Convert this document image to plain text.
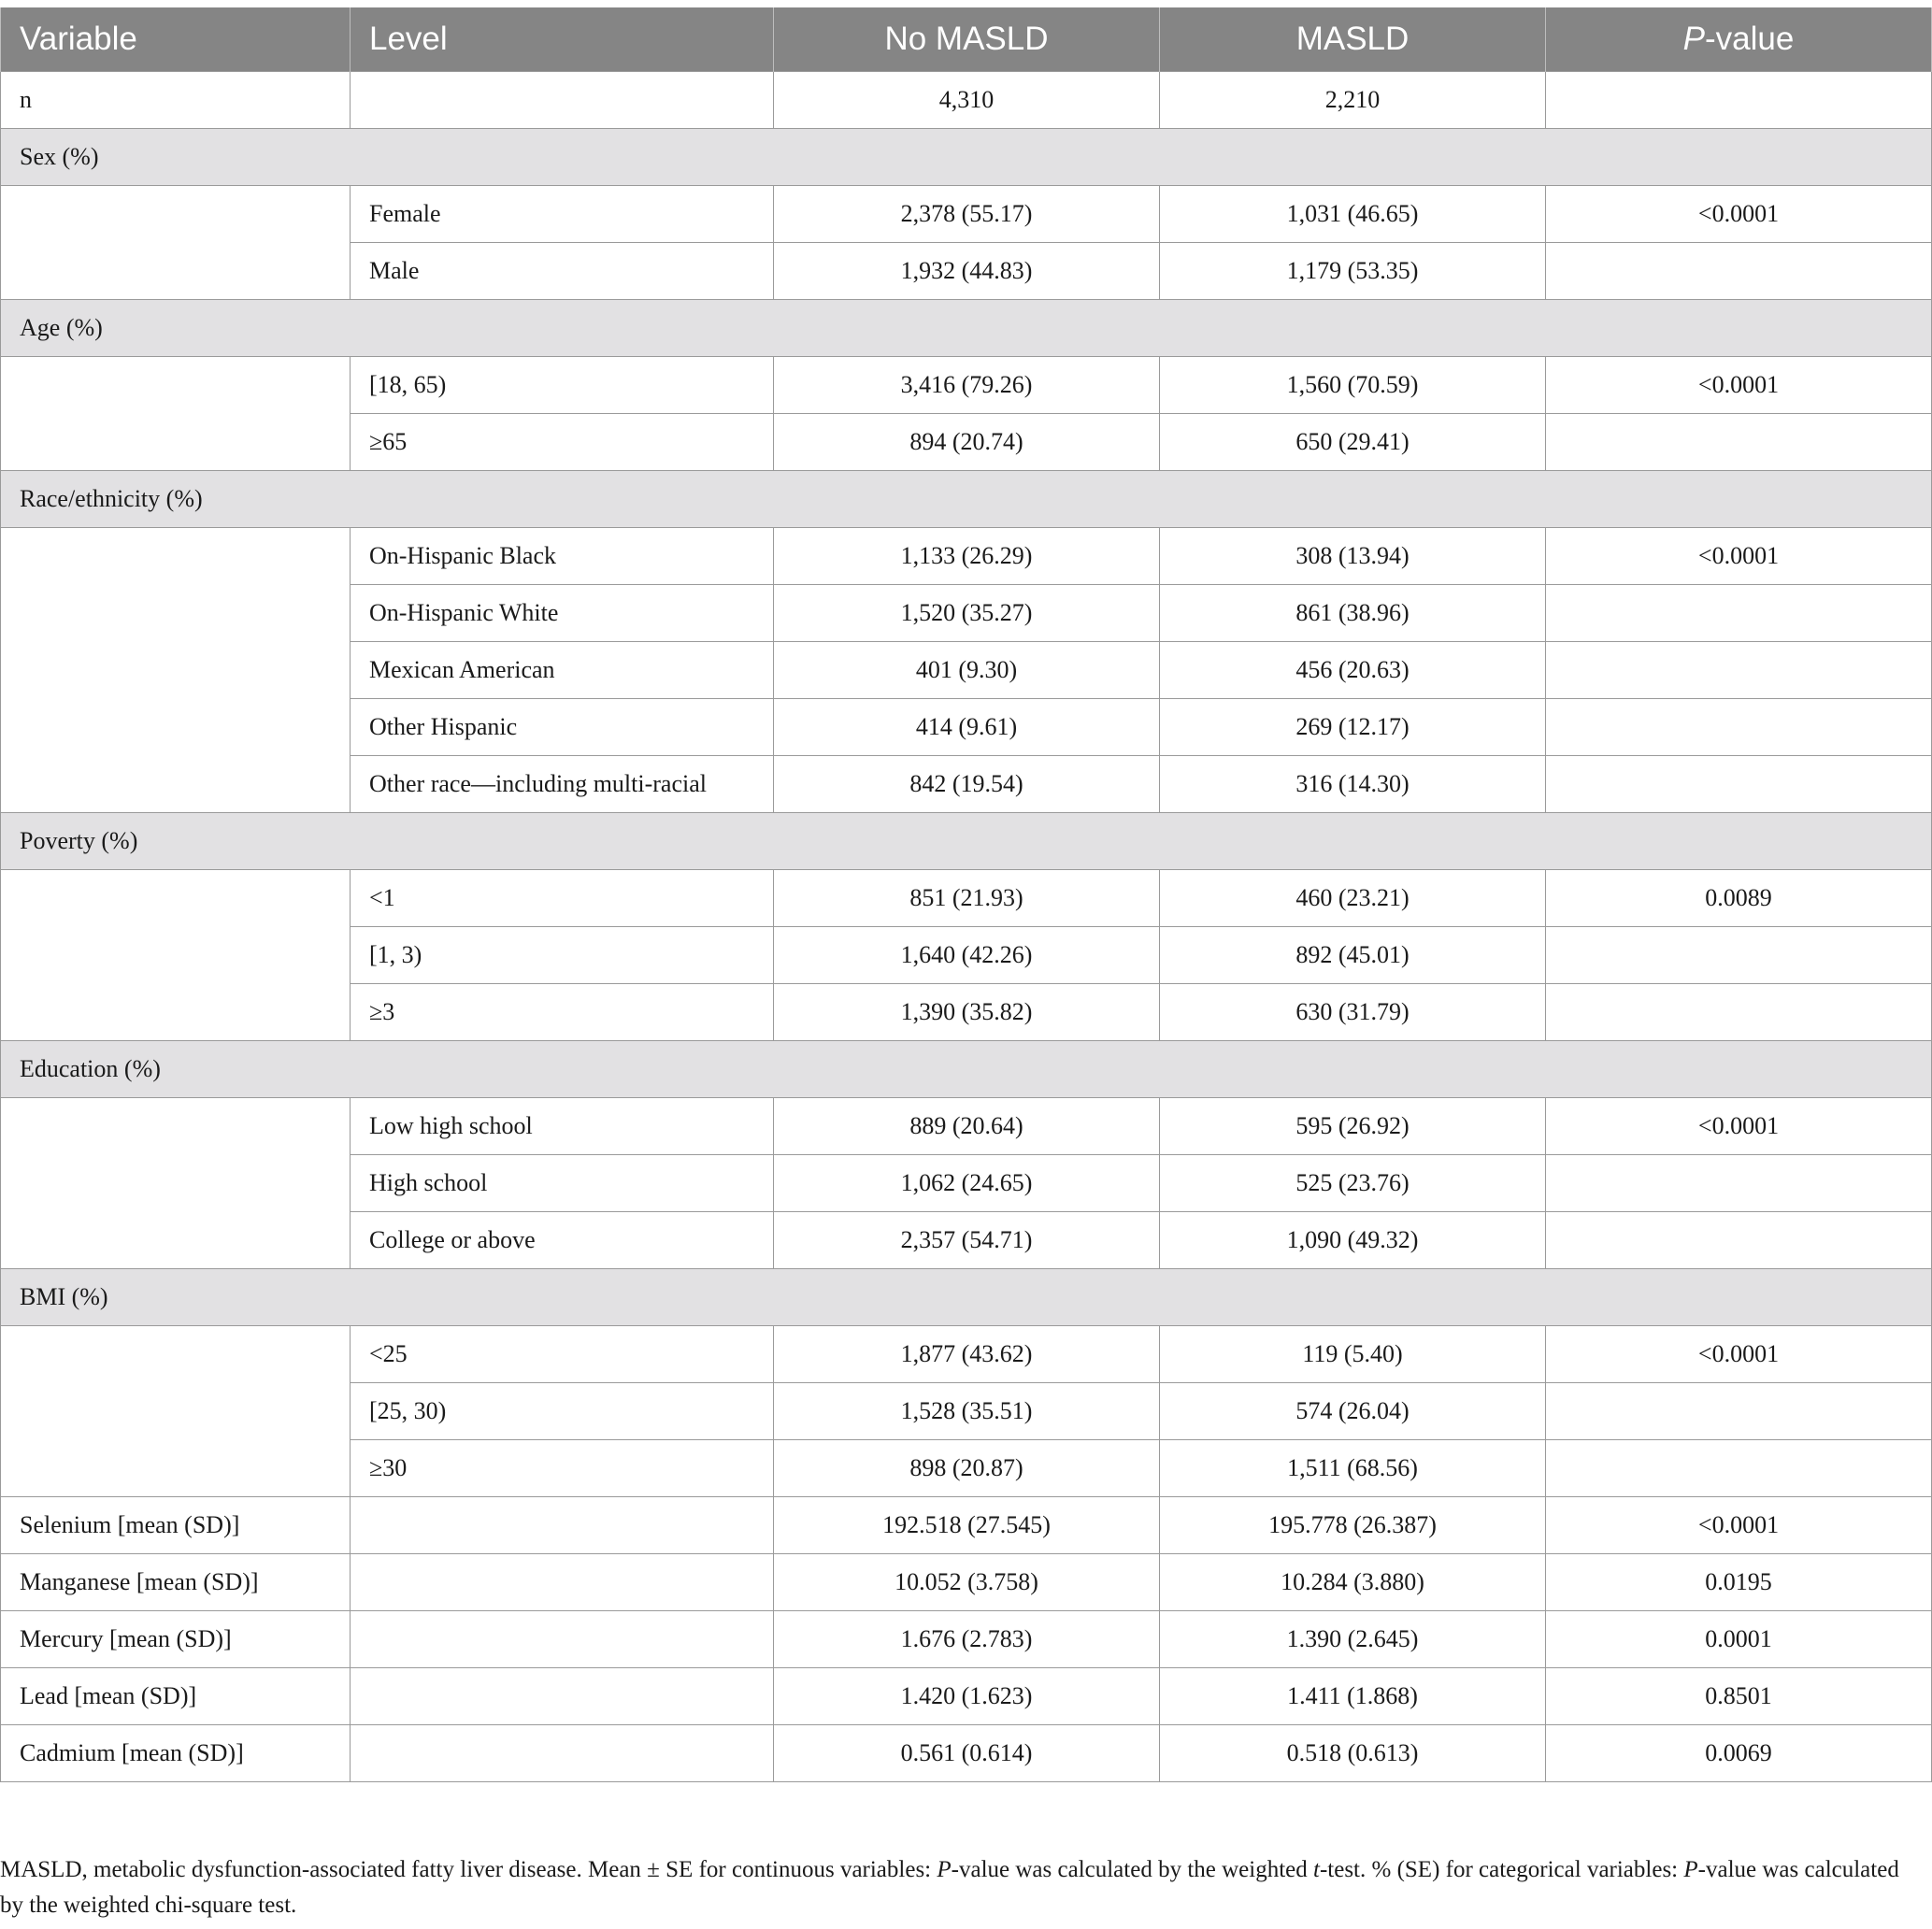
Variable	Level	No MASLD	MASLD	P-value
n		4,310	2,210	
Sex (%)				
	Female	2,378 (55.17)	1,031 (46.65)	<0.0001
	Male	1,932 (44.83)	1,179 (53.35)	
Age (%)				
	[18, 65)	3,416 (79.26)	1,560 (70.59)	<0.0001
	≥65	894 (20.74)	650 (29.41)	
Race/ethnicity (%)				
	On-Hispanic Black	1,133 (26.29)	308 (13.94)	<0.0001
	On-Hispanic White	1,520 (35.27)	861 (38.96)	
	Mexican American	401 (9.30)	456 (20.63)	
	Other Hispanic	414 (9.61)	269 (12.17)	
	Other race—including multi-racial	842 (19.54)	316 (14.30)	
Poverty (%)				
	<1	851 (21.93)	460 (23.21)	0.0089
	[1, 3)	1,640 (42.26)	892 (45.01)	
	≥3	1,390 (35.82)	630 (31.79)	
Education (%)				
	Low high school	889 (20.64)	595 (26.92)	<0.0001
	High school	1,062 (24.65)	525 (23.76)	
	College or above	2,357 (54.71)	1,090 (49.32)	
BMI (%)				
	<25	1,877 (43.62)	119 (5.40)	<0.0001
	[25, 30)	1,528 (35.51)	574 (26.04)	
	≥30	898 (20.87)	1,511 (68.56)	
Selenium [mean (SD)]		192.518 (27.545)	195.778 (26.387)	<0.0001
Manganese [mean (SD)]		10.052 (3.758)	10.284 (3.880)	0.0195
Mercury [mean (SD)]		1.676 (2.783)	1.390 (2.645)	0.0001
Lead [mean (SD)]		1.420 (1.623)	1.411 (1.868)	0.8501
Cadmium [mean (SD)]		0.561 (0.614)	0.518 (0.613)	0.0069
MASLD, metabolic dysfunction-associated fatty liver disease. Mean ± SE for continuous variables: P-value was calculated by the weighted t-test. % (SE) for categorical variables: P-value was calculated by the weighted chi-square test.
